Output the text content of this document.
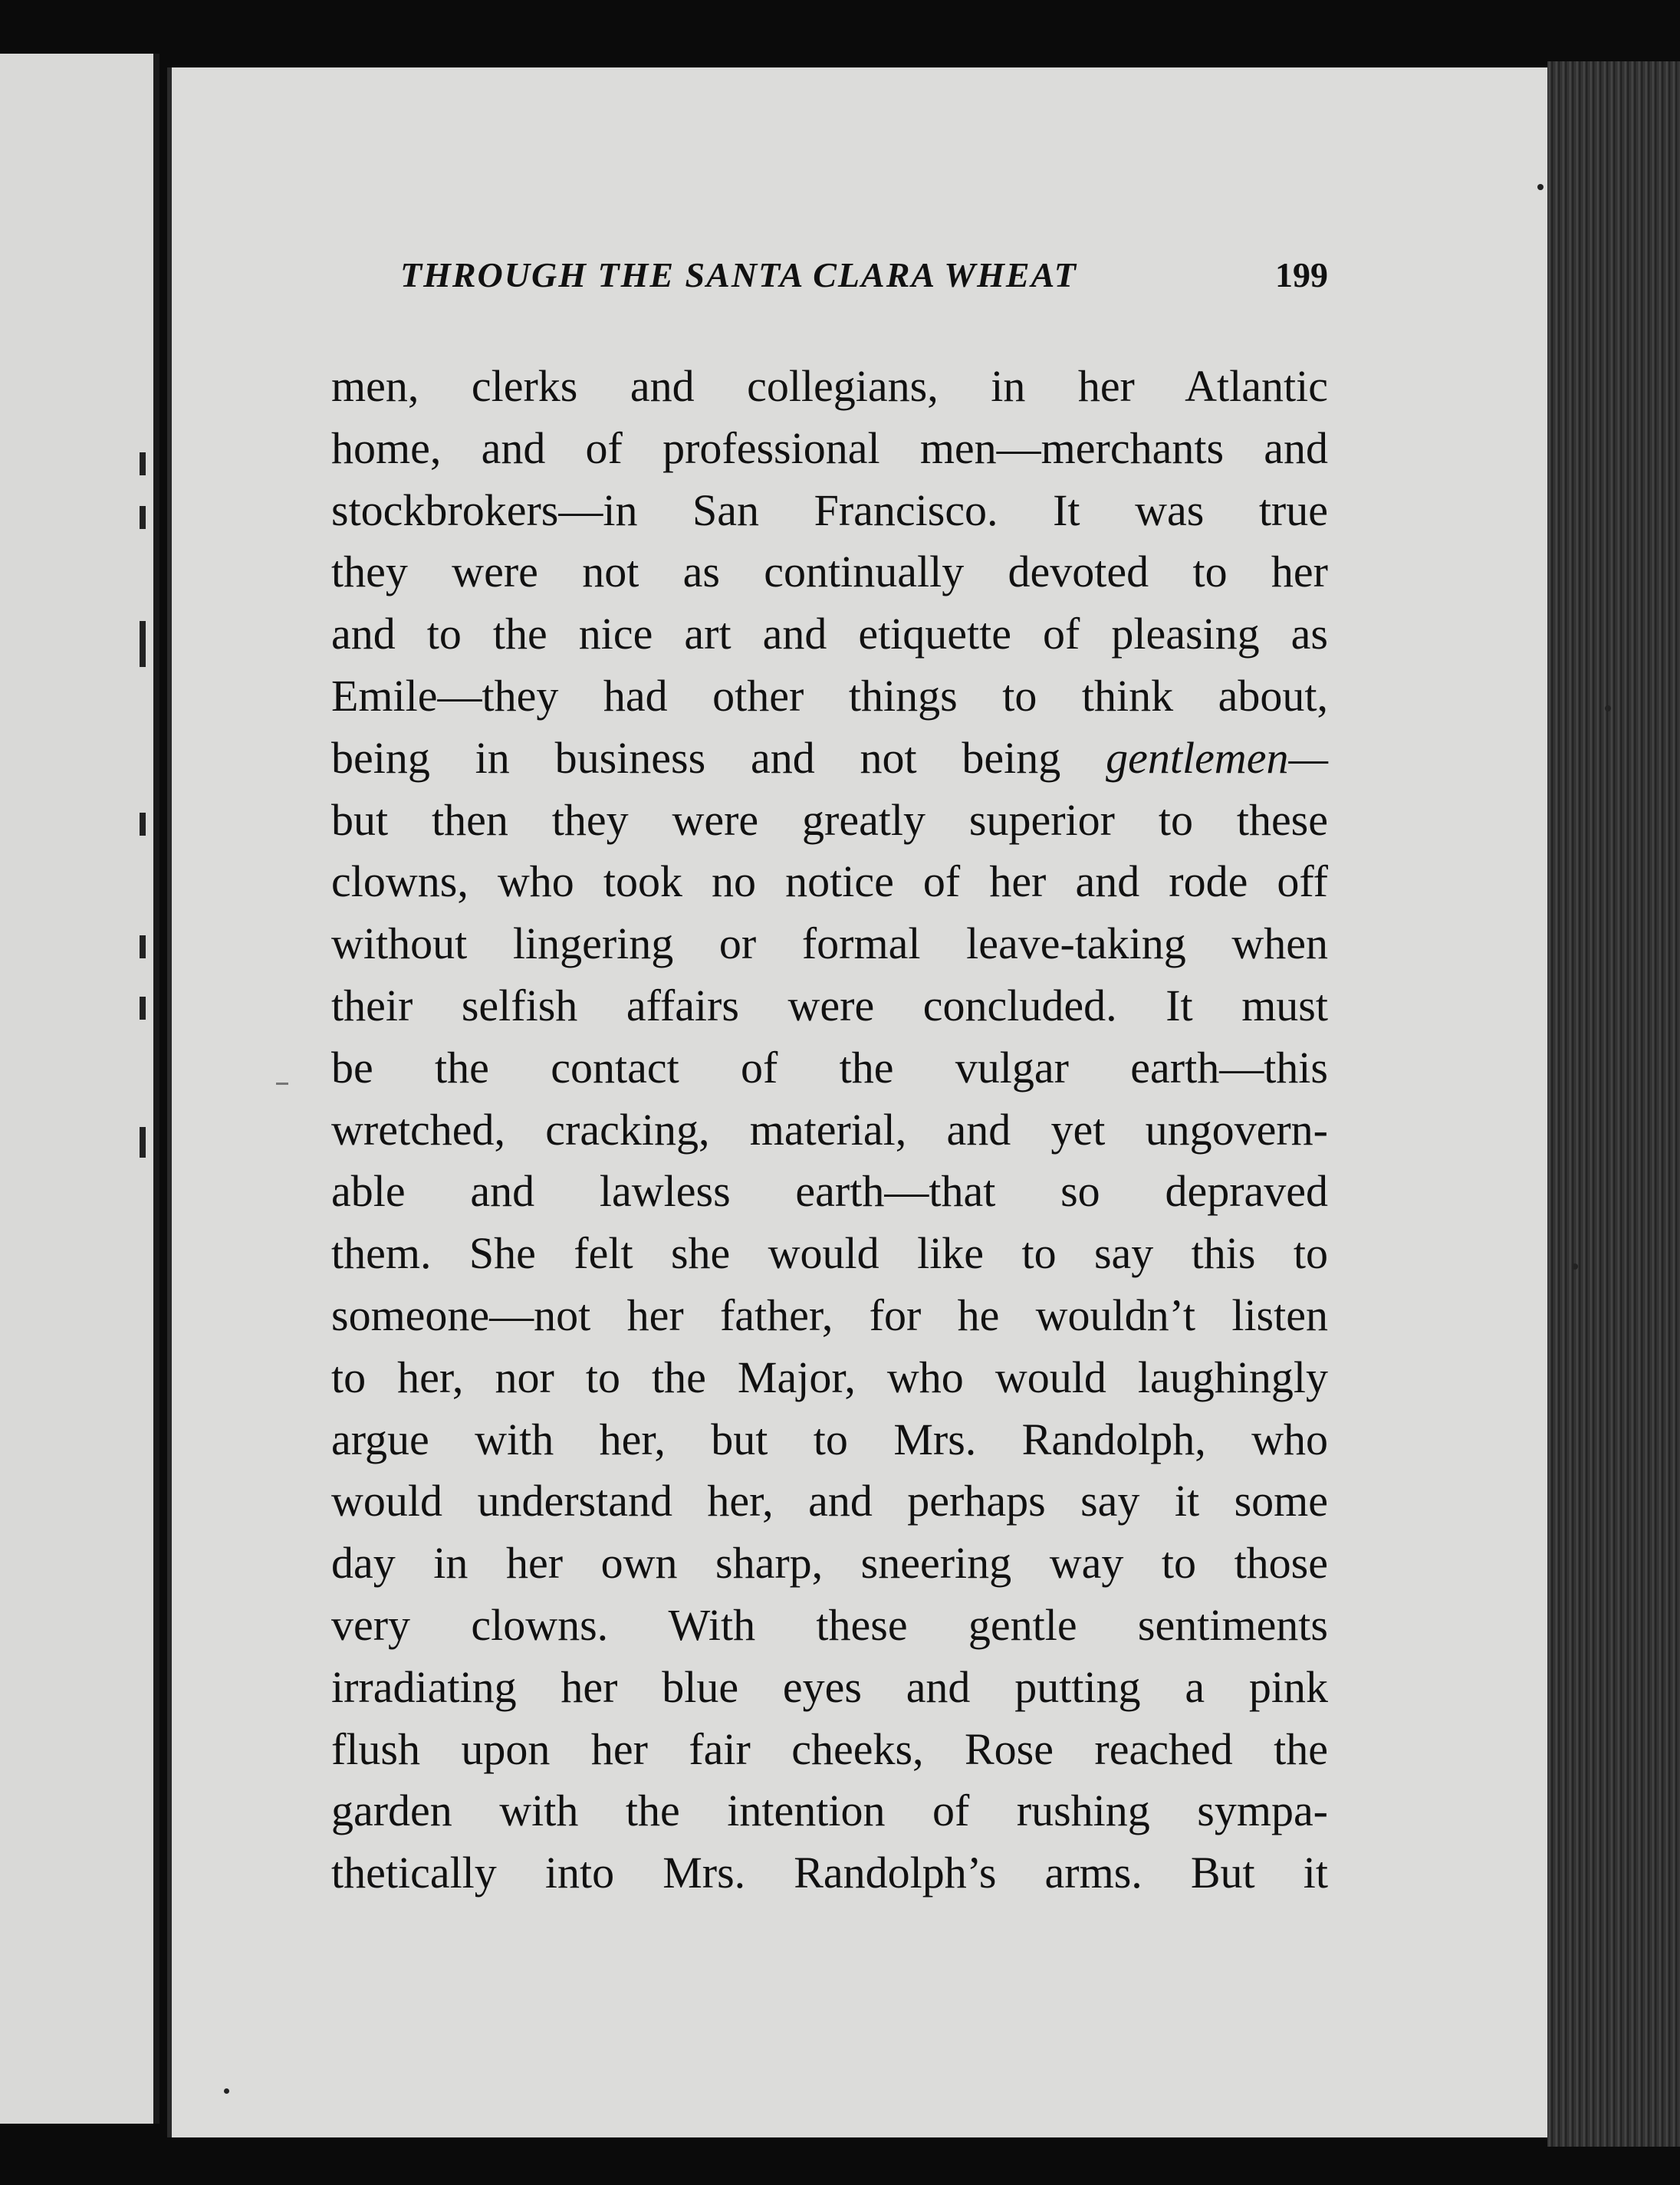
THROUGH THE SANTA CLARA WHEAT	199
men, clerks and collegians, in her Atlantic
home, and of professional men—merchants and
stockbrokers—in San Francisco. It was true
they were not as continually devoted to her
and to the nice art and etiquette of pleasing as
Emile—they had other things to think about,
being in business and not being gentlemen—
but then they were greatly superior to these
clowns, who took no notice of her and rode off
without lingering or formal leave-taking when
their selfish affairs were concluded. It must
be the contact of the vulgar earth—this
wretched, cracking, material, and yet ungovern-
able and lawless earth—that so depraved
them. She felt she would like to say this to
someone—not her father, for he wouldn’t listen
to her, nor to the Major, who would laughingly
argue with her, but to Mrs. Randolph, who
would understand her, and perhaps say it some
day in her own sharp, sneering way to those
very clowns. With these gentle sentiments
irradiating her blue eyes and putting a pink
flush upon her fair cheeks, Rose reached the
garden with the intention of rushing sympa-
thetically into Mrs. Randolph’s arms. But it
